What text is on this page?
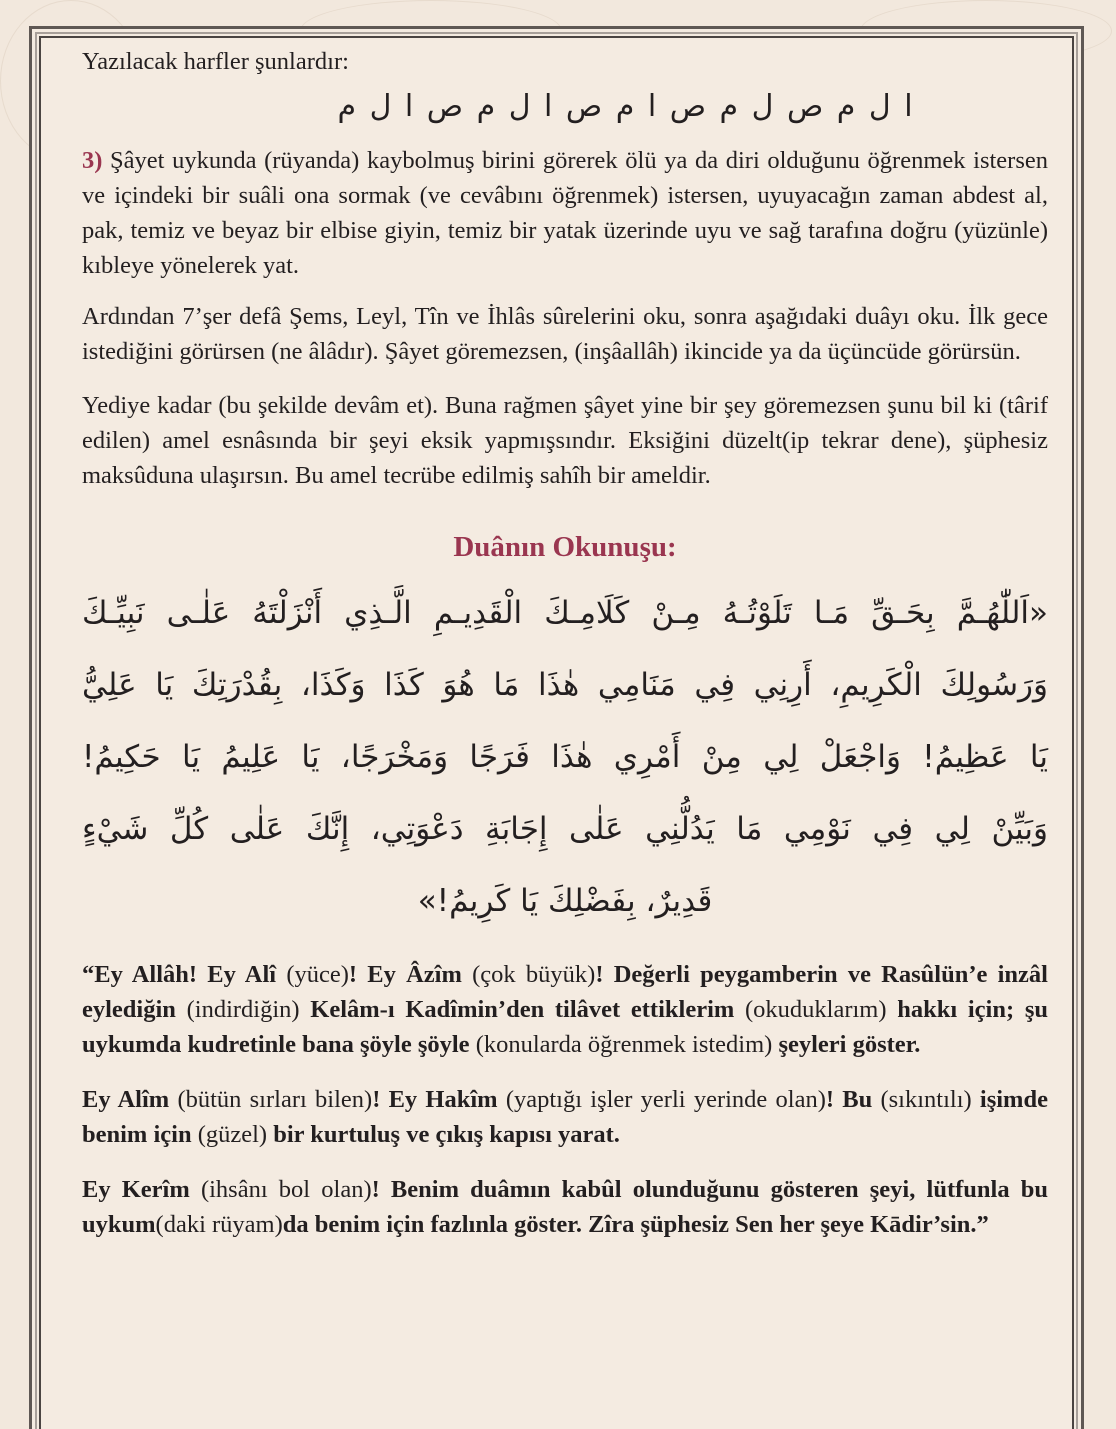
Yazılacak harfler şunlardır:

ا ل م ص ل م ص ا م ص ا ل م ص ا ل م

3) Şâyet uykunda (rüyanda) kaybolmuş birini görerek ölü ya da diri olduğunu öğrenmek istersen ve içindeki bir suâli ona sormak (ve cevâbını öğrenmek) istersen, uyuyacağın zaman abdest al, pak, temiz ve beyaz bir elbise giyin, temiz bir yatak üzerinde uyu ve sağ tarafına doğru (yüzünle) kıbleye yönelerek yat.

Ardından 7’şer defâ Şems, Leyl, Tîn ve İhlâs sûrelerini oku, sonra aşağıdaki duâyı oku. İlk gece istediğini görürsen (ne âlâdır). Şâyet göremezsen, (inşâallâh) ikincide ya da üçüncüde görürsün.

Yediye kadar (bu şekilde devâm et). Buna rağmen şâyet yine bir şey göremezsen şunu bil ki (târif edilen) amel esnâsında bir şeyi eksik yapmışsındır. Eksiğini düzelt(ip tekrar dene), şüphesiz maksûduna ulaşırsın. Bu amel tecrübe edilmiş sahîh bir ameldir.

Duânın Okunuşu:
«اَللّٰهُـمَّ بِحَـقِّ مَـا تَلَوْتُـهُ مِـنْ كَلَامِـكَ الْقَدِيـمِ الَّـذِي أَنْزَلْتَهُ عَلٰـى نَبِيِّـكَ
وَرَسُولِكَ الْكَرِيمِ، أَرِنِي فِي مَنَامِي هٰذَا مَا هُوَ كَذَا وَكَذَا، بِقُدْرَتِكَ يَا عَلِيُّ
يَا عَظِيمُ! وَاجْعَلْ لِي مِنْ أَمْرِي هٰذَا فَرَجًا وَمَخْرَجًا، يَا عَلِيمُ يَا حَكِيمُ!
وَبَيِّنْ لِي فِي نَوْمِي مَا يَدُلُّنِي عَلٰى إِجَابَةِ دَعْوَتِي، إِنَّكَ عَلٰى كُلِّ شَيْءٍ
قَدِيرٌ، بِفَضْلِكَ يَا كَرِيمُ!»

“Ey Allâh! Ey Alî (yüce)! Ey Âzîm (çok büyük)! Değerli peygamberin ve Rasûlün’e inzâl eylediğin (indirdiğin) Kelâm-ı Kadîmin’den tilâvet ettiklerim (okuduklarım) hakkı için; şu uykumda kudretinle bana şöyle şöyle (konularda öğrenmek istedim) şeyleri göster.

Ey Alîm (bütün sırları bilen)! Ey Hakîm (yaptığı işler yerli yerinde olan)! Bu (sıkıntılı) işimde benim için (güzel) bir kurtuluş ve çıkış kapısı yarat.

Ey Kerîm (ihsânı bol olan)! Benim duâmın kabûl olunduğunu gösteren şeyi, lütfunla bu uykum(daki rüyam)da benim için fazlınla göster. Zîra şüphesiz Sen her şeye Kādir’sin.”
